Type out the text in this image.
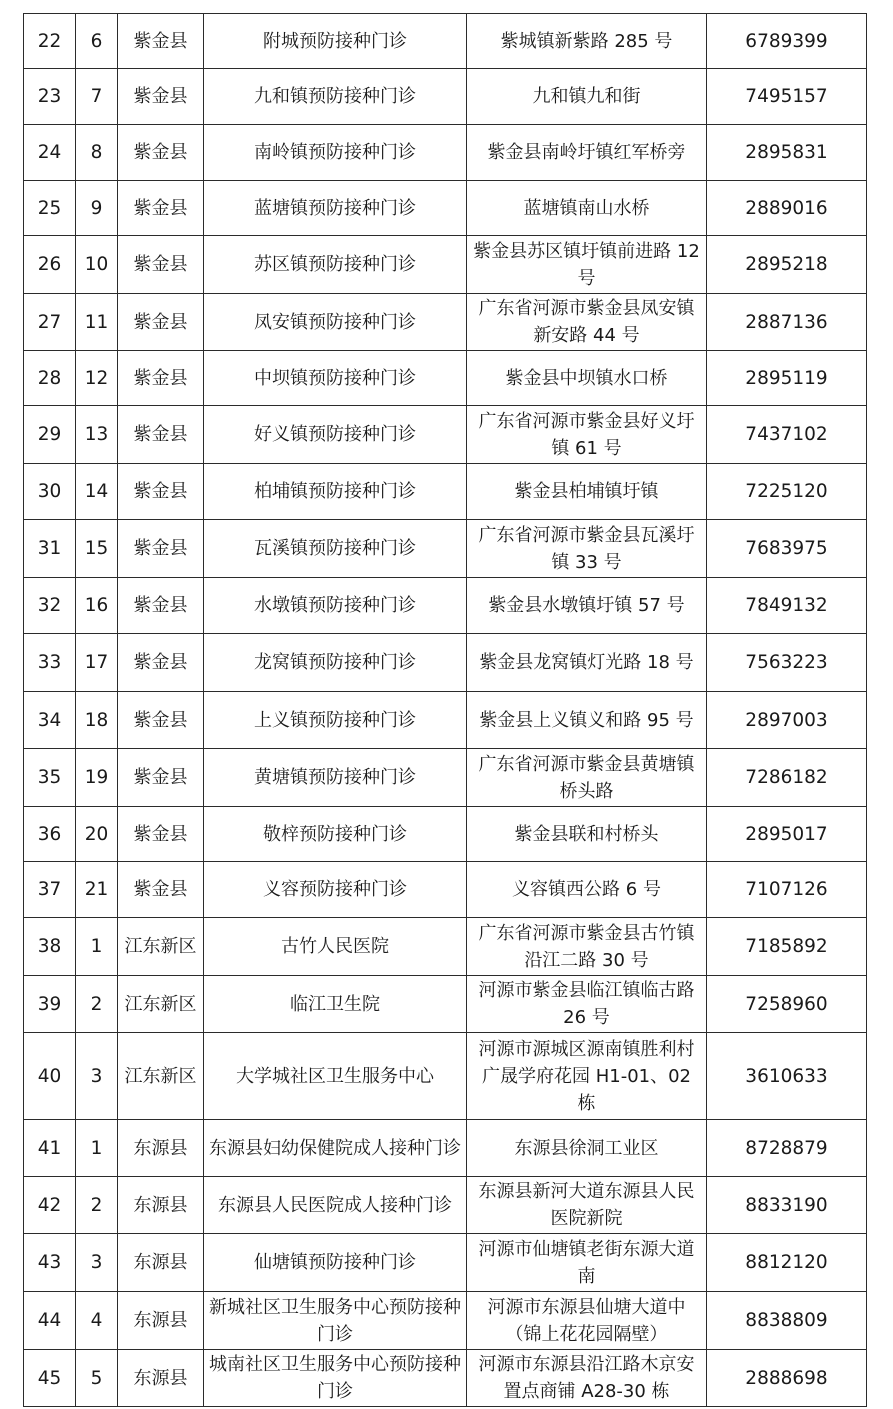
22	6	紫金县	附城预防接种门诊	紫城镇新紫路 285 号	6789399
23	7	紫金县	九和镇预防接种门诊	九和镇九和街	7495157
24	8	紫金县	南岭镇预防接种门诊	紫金县南岭圩镇红军桥旁	2895831
25	9	紫金县	蓝塘镇预防接种门诊	蓝塘镇南山水桥	2889016
26	10	紫金县	苏区镇预防接种门诊	紫金县苏区镇圩镇前进路 12 号	2895218
27	11	紫金县	凤安镇预防接种门诊	广东省河源市紫金县凤安镇新安路 44 号	2887136
28	12	紫金县	中坝镇预防接种门诊	紫金县中坝镇水口桥	2895119
29	13	紫金县	好义镇预防接种门诊	广东省河源市紫金县好义圩镇 61 号	7437102
30	14	紫金县	柏埔镇预防接种门诊	紫金县柏埔镇圩镇	7225120
31	15	紫金县	瓦溪镇预防接种门诊	广东省河源市紫金县瓦溪圩镇 33 号	7683975
32	16	紫金县	水墩镇预防接种门诊	紫金县水墩镇圩镇 57 号	7849132
33	17	紫金县	龙窝镇预防接种门诊	紫金县龙窝镇灯光路 18 号	7563223
34	18	紫金县	上义镇预防接种门诊	紫金县上义镇义和路 95 号	2897003
35	19	紫金县	黄塘镇预防接种门诊	广东省河源市紫金县黄塘镇桥头路	7286182
36	20	紫金县	敬梓预防接种门诊	紫金县联和村桥头	2895017
37	21	紫金县	义容预防接种门诊	义容镇西公路 6 号	7107126
38	1	江东新区	古竹人民医院	广东省河源市紫金县古竹镇沿江二路 30 号	7185892
39	2	江东新区	临江卫生院	河源市紫金县临江镇临古路 26 号	7258960
40	3	江东新区	大学城社区卫生服务中心	河源市源城区源南镇胜利村广晟学府花园 H1-01、02 栋	3610633
41	1	东源县	东源县妇幼保健院成人接种门诊	东源县徐洞工业区	8728879
42	2	东源县	东源县人民医院成人接种门诊	东源县新河大道东源县人民医院新院	8833190
43	3	东源县	仙塘镇预防接种门诊	河源市仙塘镇老街东源大道南	8812120
44	4	东源县	新城社区卫生服务中心预防接种门诊	河源市东源县仙塘大道中（锦上花花园隔壁）	8838809
45	5	东源县	城南社区卫生服务中心预防接种门诊	河源市东源县沿江路木京安置点商铺 A28-30 栋	2888698
